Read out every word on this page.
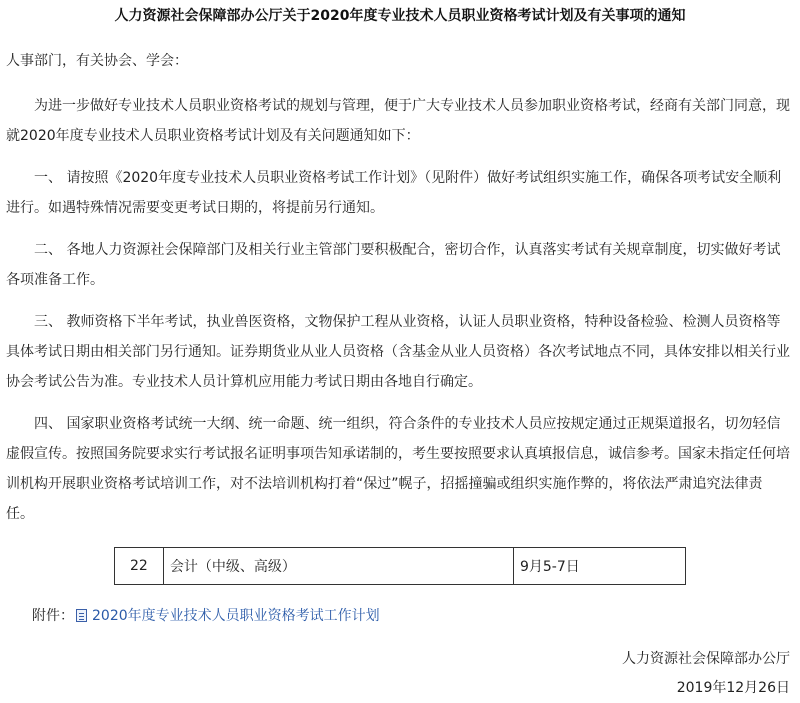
人力资源社会保障部办公厅关于2020年度专业技术人员职业资格考试计划及有关事项的通知

人事部门，有关协会、学会：

为进一步做好专业技术人员职业资格考试的规划与管理，便于广大专业技术人员参加职业资格考试，经商有关部门同意，现就2020年度专业技术人员职业资格考试计划及有关问题通知如下：

一、 请按照《2020年度专业技术人员职业资格考试工作计划》（见附件）做好考试组织实施工作，确保各项考试安全顺利进行。如遇特殊情况需要变更考试日期的，将提前另行通知。

二、 各地人力资源社会保障部门及相关行业主管部门要积极配合，密切合作，认真落实考试有关规章制度，切实做好考试各项准备工作。

三、 教师资格下半年考试，执业兽医资格，文物保护工程从业资格，认证人员职业资格，特种设备检验、检测人员资格等具体考试日期由相关部门另行通知。证券期货业从业人员资格（含基金从业人员资格）各次考试地点不同，具体安排以相关行业协会考试公告为准。专业技术人员计算机应用能力考试日期由各地自行确定。

四、 国家职业资格考试统一大纲、统一命题、统一组织，符合条件的专业技术人员应按规定通过正规渠道报名，切勿轻信虚假宣传。按照国务院要求实行考试报名证明事项告知承诺制的，考生要按照要求认真填报信息，诚信参考。国家未指定任何培训机构开展职业资格考试培训工作，对不法培训机构打着“保过”幌子，招摇撞骗或组织实施作弊的，将依法严肃追究法律责任。

22	会计（中级、高级）	9月5-7日
附件： 2020年度专业技术人员职业资格考试工作计划
人力资源社会保障部办公厅
2019年12月26日
